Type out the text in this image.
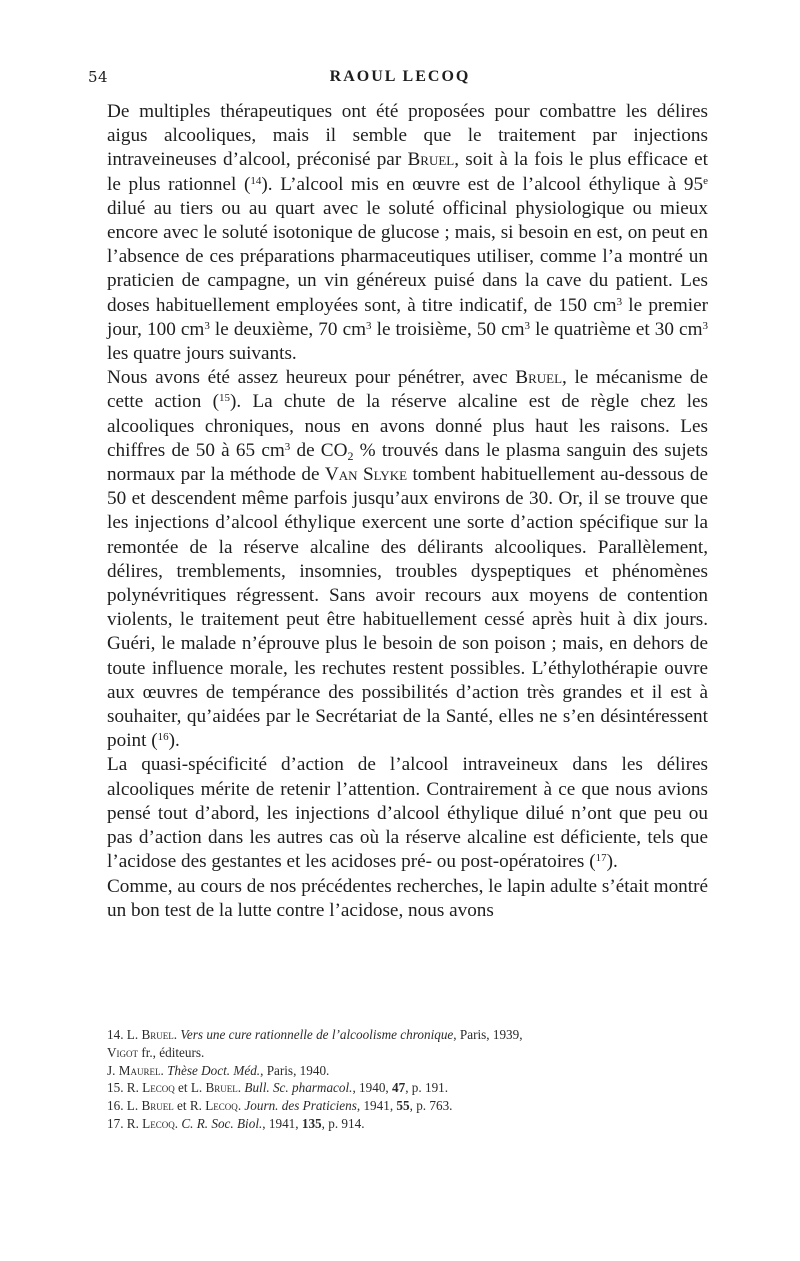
54	RAOUL LECOQ

De multiples thérapeutiques ont été proposées pour combattre les délires aigus alcooliques, mais il semble que le traitement par injections intraveineuses d’alcool, préconisé par Bruel, soit à la fois le plus efficace et le plus rationnel ($^{14}$). L’alcool mis en œuvre est de l’alcool éthylique à 95e dilué au tiers ou au quart avec le soluté officinal physiologique ou mieux encore avec le soluté isotonique de glucose ; mais, si besoin en est, on peut en l’absence de ces préparations pharmaceutiques utiliser, comme l’a montré un praticien de campagne, un vin généreux puisé dans la cave du patient. Les doses habituellement employées sont, à titre indicatif, de 150 $cm^3$ le premier jour, 100 $cm^3$ le deuxième, 70 $cm^3$ le troisième, 50 $cm^3$ le quatrième et 30 $cm^3$ les quatre jours suivants.

Nous avons été assez heureux pour pénétrer, avec Bruel, le mécanisme de cette action ($^{15}$). La chute de la réserve alcaline est de règle chez les alcooliques chroniques, nous en avons donné plus haut les raisons. Les chiffres de 50 à 65 $cm^3$ de $CO_2$ % trouvés dans le plasma sanguin des sujets normaux par la méthode de Van Slyke tombent habituellement au-dessous de 50 et descendent même parfois jusqu’aux environs de 30. Or, il se trouve que les injections d’alcool éthylique exercent une sorte d’action spécifique sur la remontée de la réserve alcaline des délirants alcooliques. Parallèlement, délires, tremblements, insomnies, troubles dyspeptiques et phénomènes polynévritiques régressent. Sans avoir recours aux moyens de contention violents, le traitement peut être habituellement cessé après huit à dix jours. Guéri, le malade n’éprouve plus le besoin de son poison ; mais, en dehors de toute influence morale, les rechutes restent possibles. L’éthylothérapie ouvre aux œuvres de tempérance des possibilités d’action très grandes et il est à souhaiter, qu’aidées par le Secrétariat de la Santé, elles ne s’en désintéressent point ($^{16}$).

La quasi-spécificité d’action de l’alcool intraveineux dans les délires alcooliques mérite de retenir l’attention. Contrairement à ce que nous avions pensé tout d’abord, les injections d’alcool éthylique dilué n’ont que peu ou pas d’action dans les autres cas où la réserve alcaline est déficiente, tels que l’acidose des gestantes et les acidoses pré- ou post-opératoires ($^{17}$).

Comme, au cours de nos précédentes recherches, le lapin adulte s’était montré un bon test de la lutte contre l’acidose, nous avons

14. L. Bruel. Vers une cure rationnelle de l’alcoolisme chronique, Paris, 1939,
Vigot fr., éditeurs.
J. Maurel. Thèse Doct. Méd., Paris, 1940.
15. R. Lecoq et L. Bruel. Bull. Sc. pharmacol., 1940, 47, p. 191.
16. L. Bruel et R. Lecoq. Journ. des Praticiens, 1941, 55, p. 763.
17. R. Lecoq. C. R. Soc. Biol., 1941, 135, p. 914.
